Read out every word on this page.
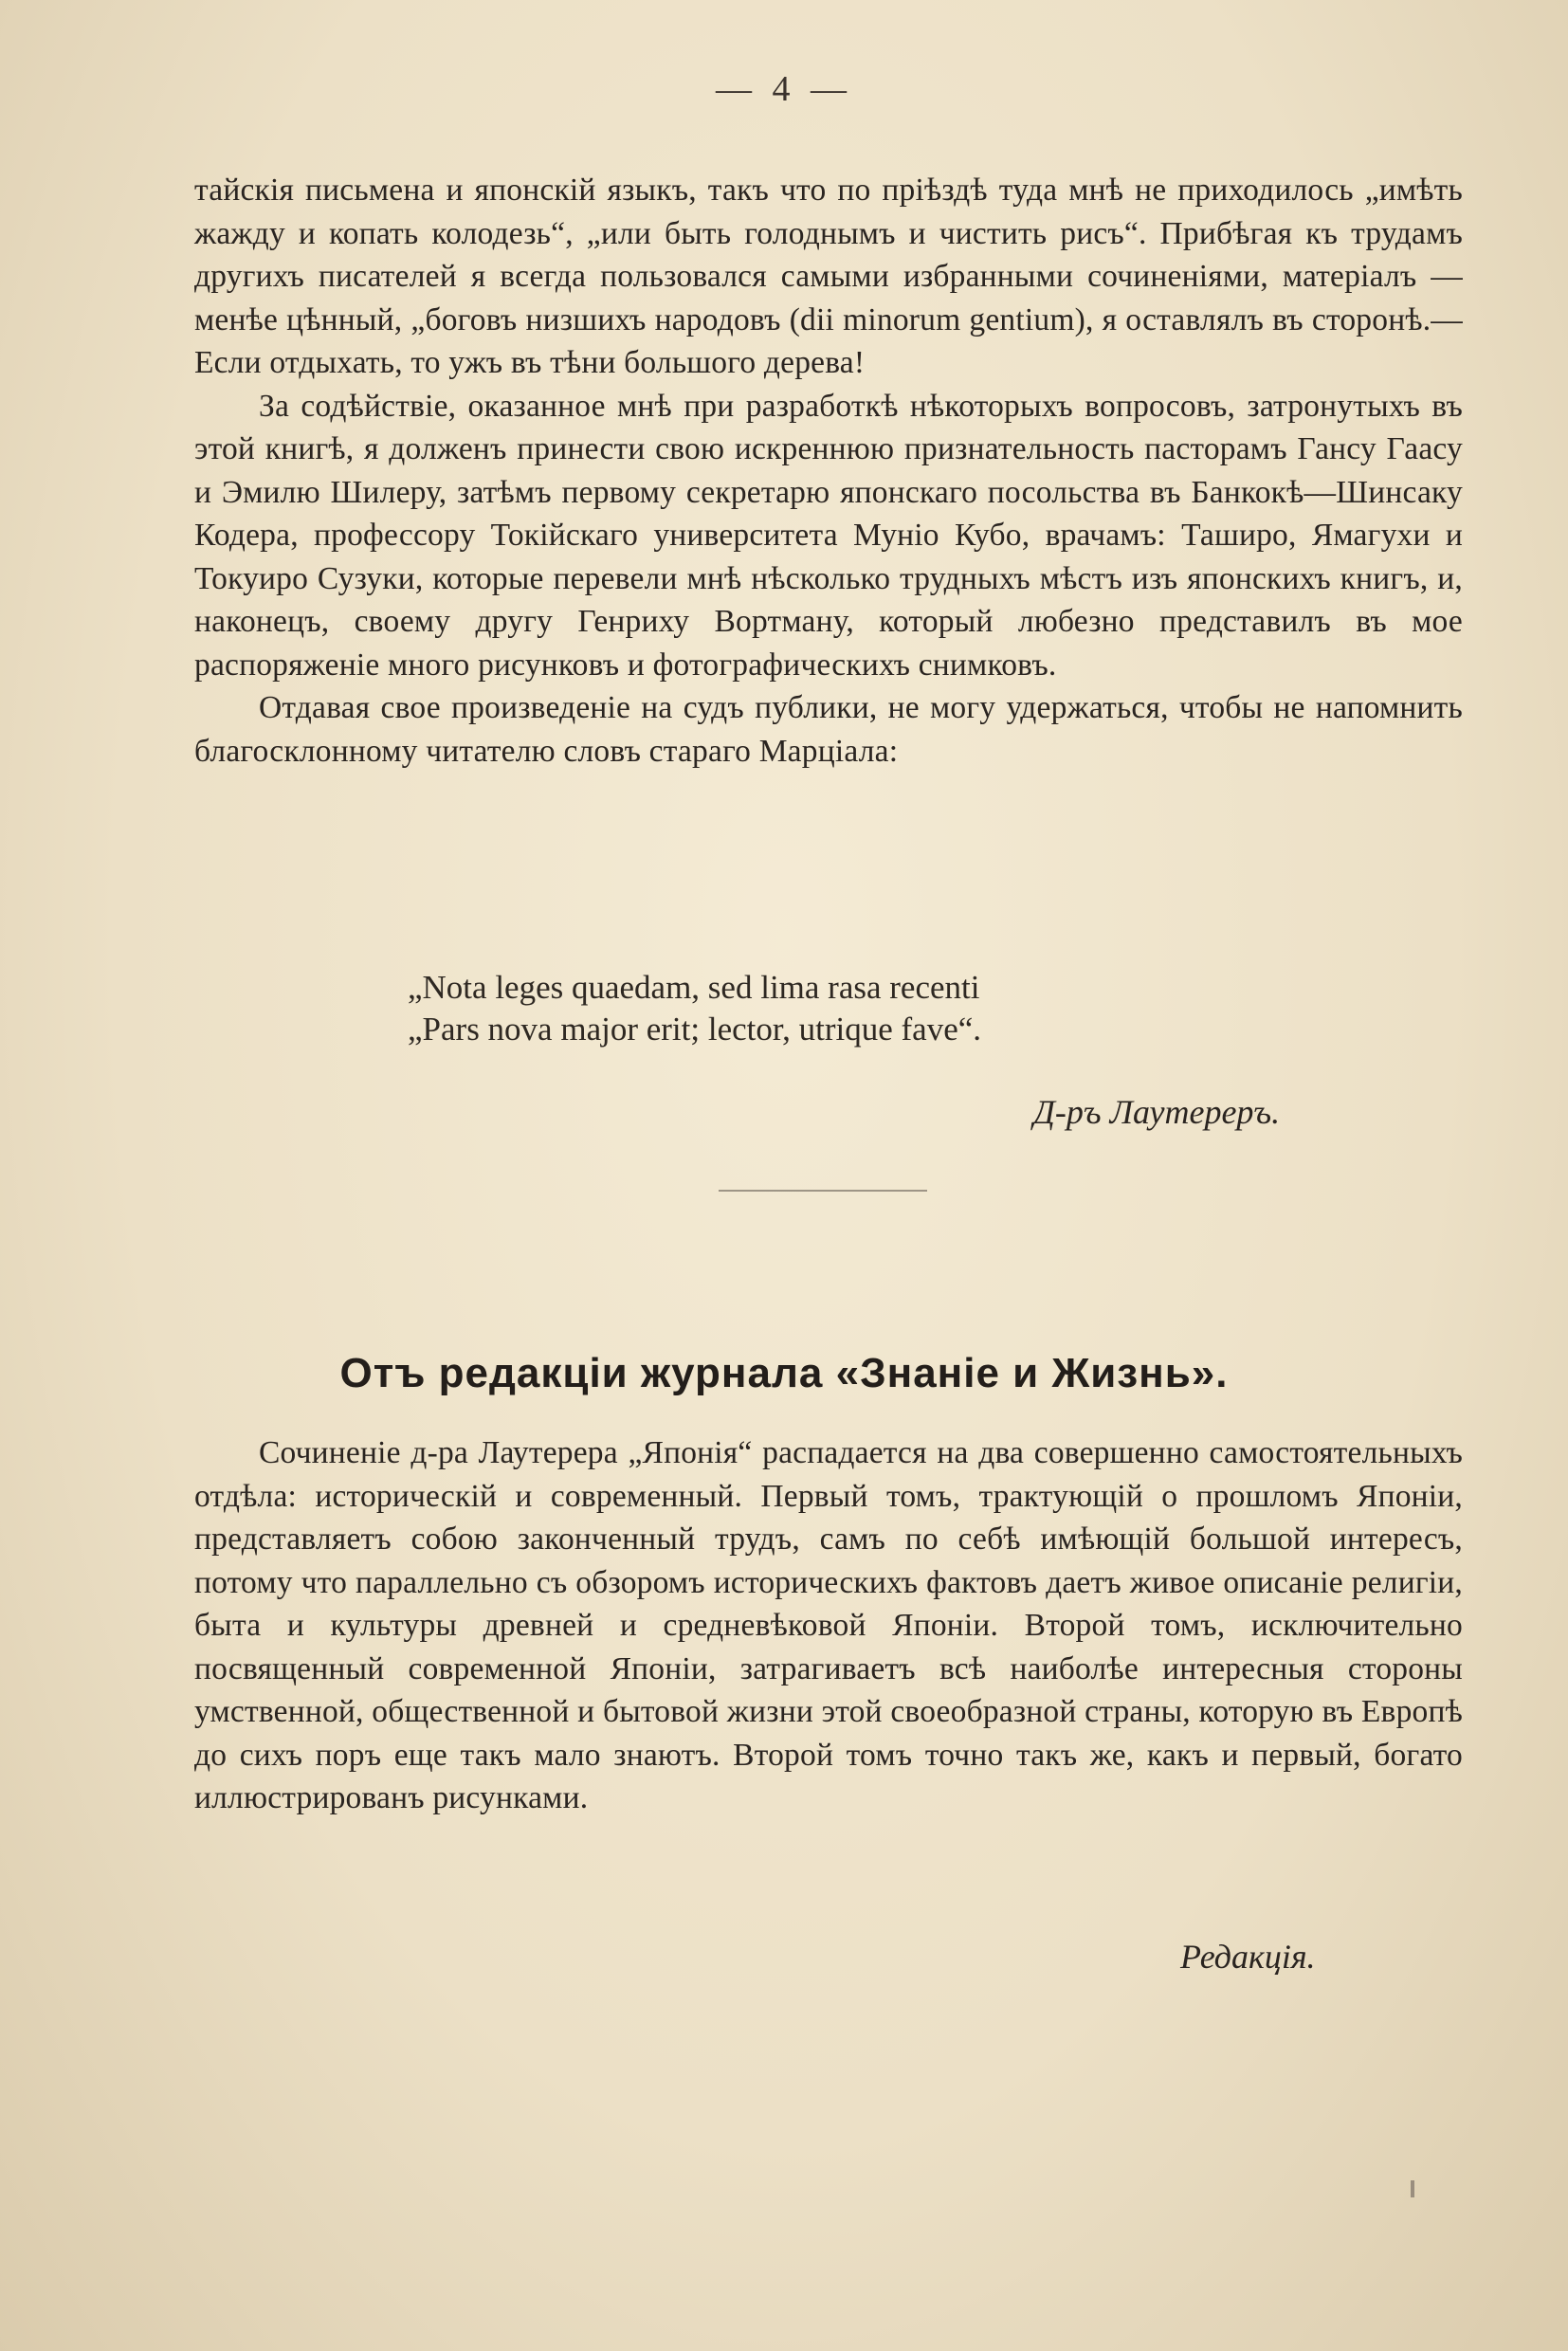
— 4 —

тайскія письмена и японскій языкъ, такъ что по пріѣздѣ туда мнѣ не приходилось „имѣть жажду и копать колодезь“, „или быть голоднымъ и чистить рисъ“. Прибѣгая къ трудамъ другихъ писателей я всегда пользовался самыми избранными сочиненіями, матеріалъ — менѣе цѣнный, „боговъ низшихъ народовъ (dii minorum gentium), я оставлялъ въ сторонѣ.— Если отдыхать, то ужъ въ тѣни большого дерева!

За содѣйствіе, оказанное мнѣ при разработкѣ нѣкоторыхъ вопросовъ, затронутыхъ въ этой книгѣ, я долженъ принести свою искреннюю признательность пасторамъ Гансу Гаасу и Эмилю Шилеру, затѣмъ первому секретарю японскаго посольства въ Банкокѣ—Шинсаку Кодера, профессору Токійскаго университета Муніо Кубо, врачамъ: Таширо, Ямагухи и Токуиро Сузуки, которые перевели мнѣ нѣсколько трудныхъ мѣстъ изъ японскихъ книгъ, и, наконецъ, своему другу Генриху Вортману, который любезно представилъ въ мое распоряженіе много рисунковъ и фотографическихъ снимковъ.

Отдавая свое произведеніе на судъ публики, не могу удержаться, чтобы не напомнить благосклонному читателю словъ стараго Марціала:

„Nota leges quaedam, sed lima rasa recenti
„Pars nova major erit; lector, utrique fave“.
Д-ръ Лаутереръ.
Отъ редакціи журнала «Знаніе и Жизнь».

Сочиненіе д-ра Лаутерера „Японія“ распадается на два совершенно самостоятельныхъ отдѣла: историческій и современный. Первый томъ, трактующій о прошломъ Японіи, представляетъ собою законченный трудъ, самъ по себѣ имѣющій большой интересъ, потому что параллельно съ обзоромъ историческихъ фактовъ даетъ живое описаніе религіи, быта и культуры древней и средневѣковой Японіи. Второй томъ, исключительно посвященный современной Японіи, затрагиваетъ всѣ наиболѣе интересныя стороны умственной, общественной и бытовой жизни этой своеобразной страны, которую въ Европѣ до сихъ поръ еще такъ мало знаютъ. Второй томъ точно такъ же, какъ и первый, богато иллюстрированъ рисунками.

Редакція.
